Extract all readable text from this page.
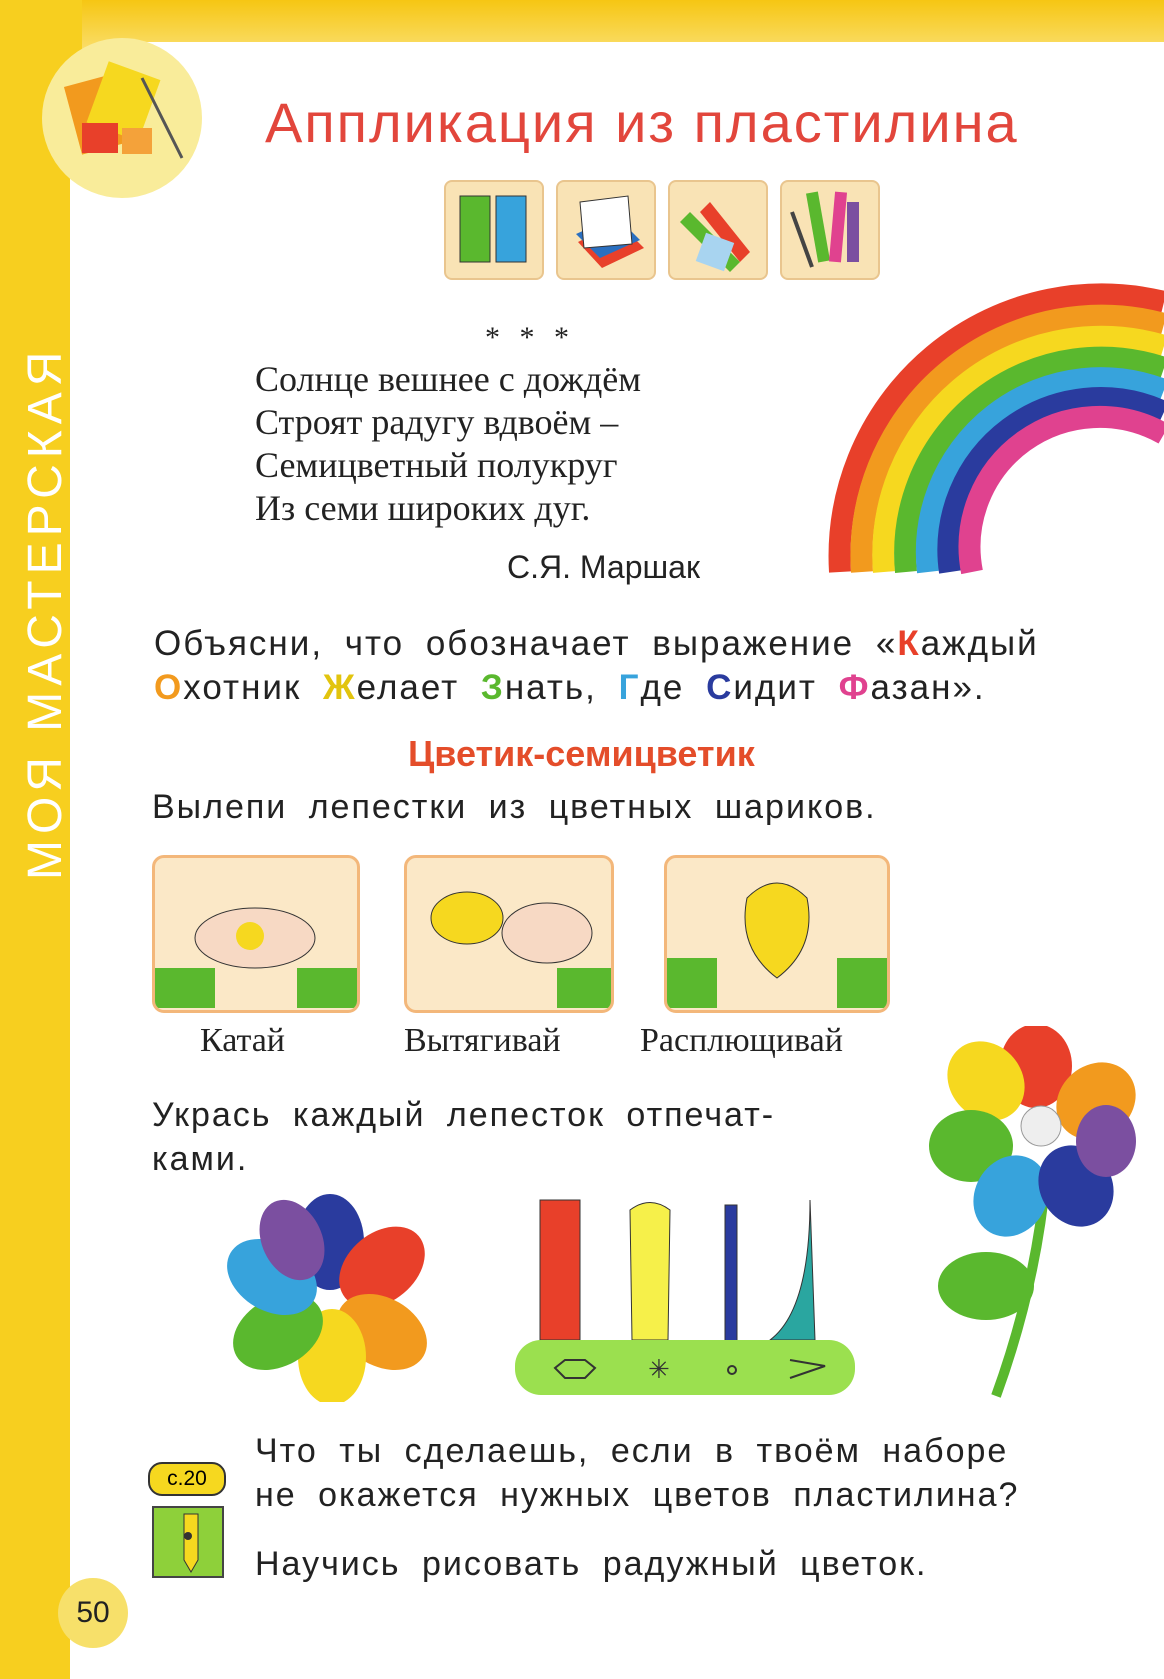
МОЯ МАСТЕРСКАЯ
Аппликация из пластилина
* * *
Солнце вешнее с дождём
Строят радугу вдвоём –
Семицветный полукруг
Из семи широких дуг.
С.Я. Маршак
Объясни, что обозначает выражение «Каждый Охотник Желает Знать, Где Сидит Фазан».
Цветик-семицветик
Вылепи лепестки из цветных шариков.
Катай	Вытягивай Расплющивай
Укрась каждый лепесток отпечат-
ками.
✳
с.20
Что ты сделаешь, если в твоём наборе
не окажется нужных цветов пластилина?
Научись рисовать радужный цветок.
50
